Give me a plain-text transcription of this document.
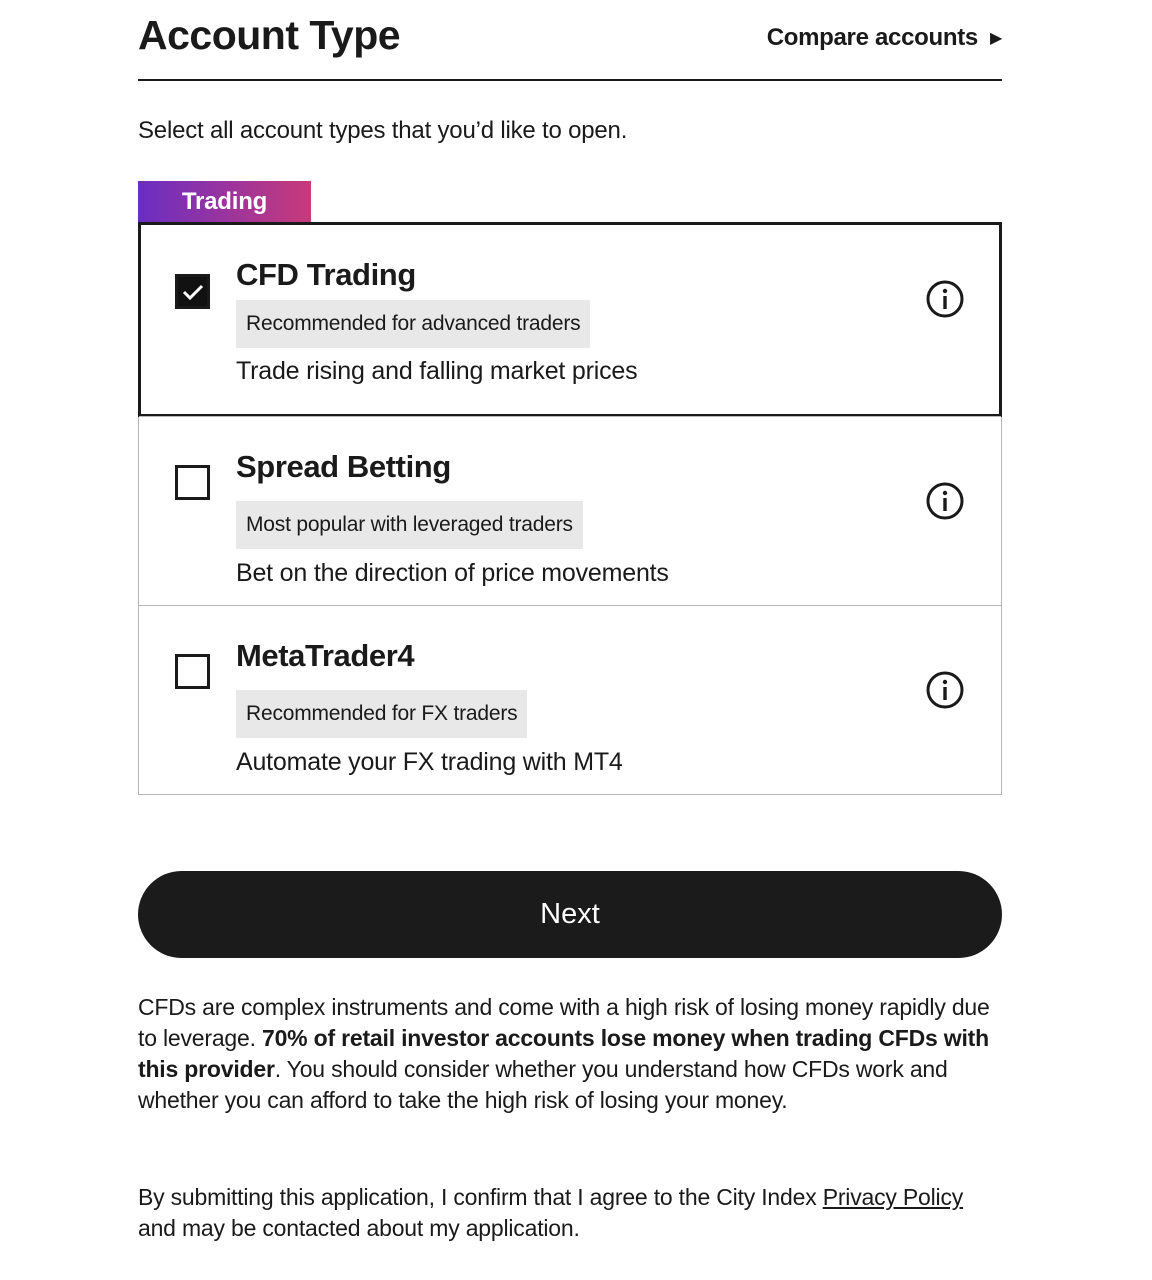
Account Type	Compare accounts ▶

Select all account types that you’d like to open.

Trading
CFD Trading
Recommended for advanced traders
Trade rising and falling market prices
Spread Betting
Most popular with leveraged traders
Bet on the direction of price movements
MetaTrader4
Recommended for FX traders
Automate your FX trading with MT4
Next

CFDs are complex instruments and come with a high risk of losing money rapidly due to leverage. 70% of retail investor accounts lose money when trading CFDs with this provider. You should consider whether you understand how CFDs work and whether you can afford to take the high risk of losing your money.

By submitting this application, I confirm that I agree to the City Index Privacy Policy and may be contacted about my application.
